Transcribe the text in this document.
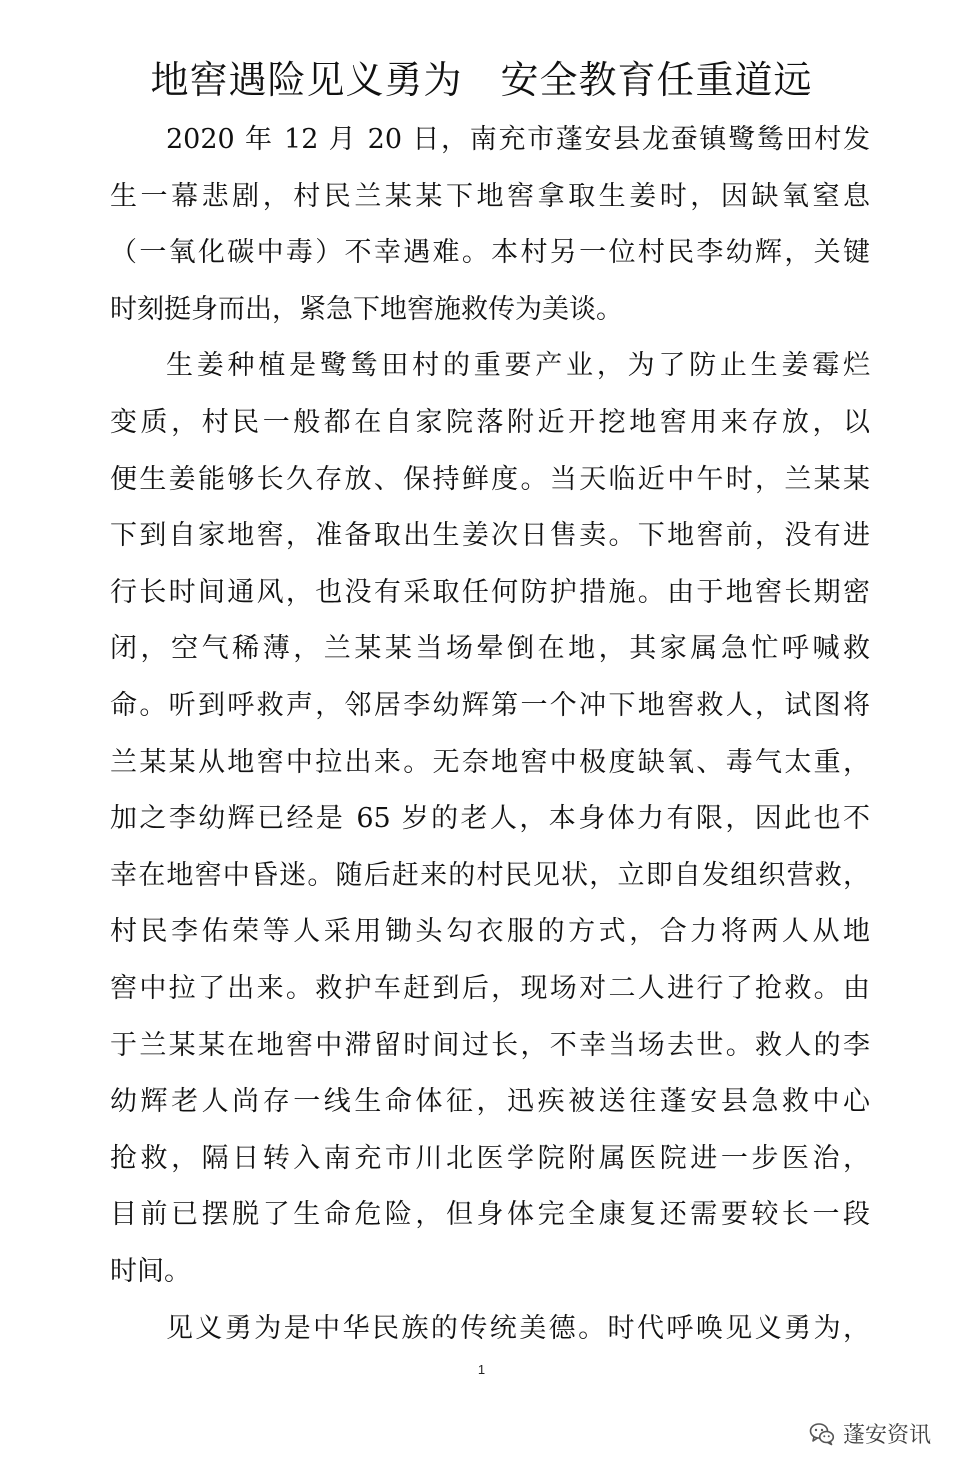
地窖遇险见义勇为 安全教育任重道远
2020 年 12 月 20 日，南充市蓬安县龙蚕镇鹭鸶田村发
生一幕悲剧，村民兰某某下地窖拿取生姜时，因缺氧窒息
（一氧化碳中毒）不幸遇难。本村另一位村民李幼辉，关键
时刻挺身而出，紧急下地窖施救传为美谈。
生姜种植是鹭鸶田村的重要产业，为了防止生姜霉烂
变质，村民一般都在自家院落附近开挖地窖用来存放，以
便生姜能够长久存放、保持鲜度。当天临近中午时，兰某某
下到自家地窖，准备取出生姜次日售卖。下地窖前，没有进
行长时间通风，也没有采取任何防护措施。由于地窖长期密
闭，空气稀薄，兰某某当场晕倒在地，其家属急忙呼喊救
命。听到呼救声，邻居李幼辉第一个冲下地窖救人，试图将
兰某某从地窖中拉出来。无奈地窖中极度缺氧、毒气太重，
加之李幼辉已经是 65 岁的老人，本身体力有限，因此也不
幸在地窖中昏迷。随后赶来的村民见状，立即自发组织营救，
村民李佑荣等人采用锄头勾衣服的方式，合力将两人从地
窖中拉了出来。救护车赶到后，现场对二人进行了抢救。由
于兰某某在地窖中滞留时间过长，不幸当场去世。救人的李
幼辉老人尚存一线生命体征，迅疾被送往蓬安县急救中心
抢救，隔日转入南充市川北医学院附属医院进一步医治，
目前已摆脱了生命危险，但身体完全康复还需要较长一段
时间。
见义勇为是中华民族的传统美德。时代呼唤见义勇为，
1
蓬安资讯
